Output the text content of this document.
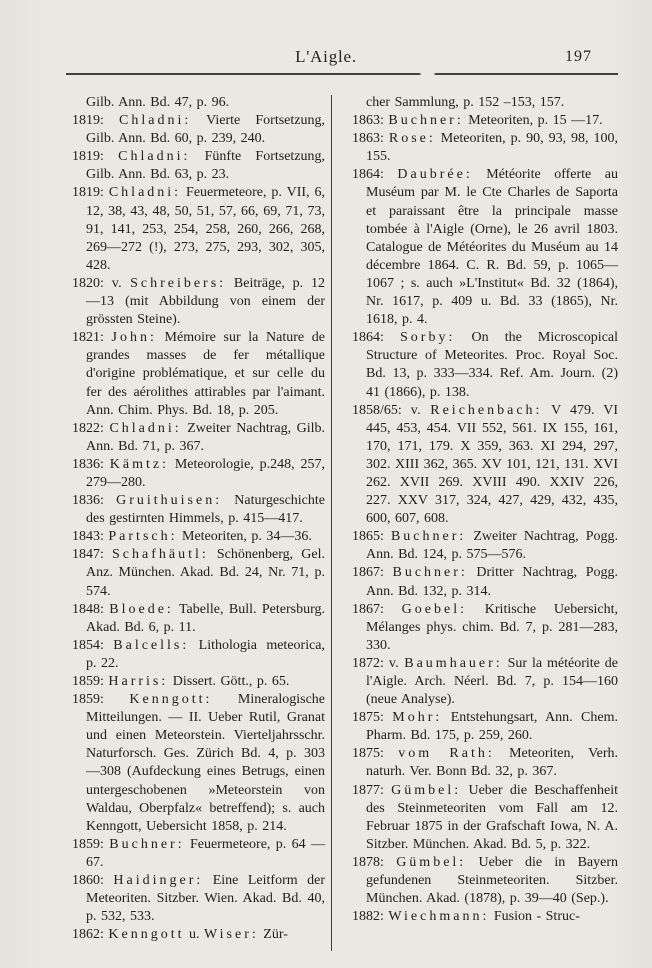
L'Aigle.	197

Gilb. Ann. Bd. 47, p. 96.

1819: Chladni: Vierte Fortsetzung, Gilb. Ann. Bd. 60, p. 239, 240.

1819: Chladni: Fünfte Fortsetzung, Gilb. Ann. Bd. 63, p. 23.

1819: Chladni: Feuermeteore, p. VII, 6, 12, 38, 43, 48, 50, 51, 57, 66, 69, 71, 73, 91, 141, 253, 254, 258, 260, 266, 268, 269—272 (!), 273, 275, 293, 302, 305, 428.

1820: v. Schreibers: Beiträge, p. 12 —13 (mit Abbildung von einem der grössten Steine).

1821: John: Mémoire sur la Nature de grandes masses de fer métallique d'origine problématique, et sur celle du fer des aérolithes attirables par l'aimant. Ann. Chim. Phys. Bd. 18, p. 205.

1822: Chladni: Zweiter Nachtrag, Gilb. Ann. Bd. 71, p. 367.

1836: Kämtz: Meteorologie, p.248, 257, 279—280.

1836: Gruithuisen: Naturgeschichte des gestirnten Himmels, p. 415—417.

1843: Partsch: Meteoriten, p. 34—36.

1847: Schafhäutl: Schönenberg, Gel. Anz. München. Akad. Bd. 24, Nr. 71, p. 574.

1848: Bloede: Tabelle, Bull. Petersburg. Akad. Bd. 6, p. 11.

1854: Balcells: Lithologia meteorica, p. 22.

1859: Harris: Dissert. Gött., p. 65.

1859: Kenngott: Mineralogische Mitteilungen. — II. Ueber Rutil, Granat und einen Meteorstein. Vierteljahrsschr. Naturforsch. Ges. Zürich Bd. 4, p. 303 —308 (Aufdeckung eines Betrugs, einen untergeschobenen »Meteorstein von Waldau, Oberpfalz« betreffend); s. auch Kenngott, Uebersicht 1858, p. 214.

1859: Buchner: Feuermeteore, p. 64 —67.

1860: Haidinger: Eine Leitform der Meteoriten. Sitzber. Wien. Akad. Bd. 40, p. 532, 533.

1862: Kenngott u. Wiser: Zür-

cher Sammlung, p. 152 –153, 157.

1863: Buchner: Meteoriten, p. 15 —17.

1863: Rose: Meteoriten, p. 90, 93, 98, 100, 155.

1864: Daubrée: Météorite offerte au Muséum par M. le Cte Charles de Saporta et paraissant être la principale masse tombée à l'Aigle (Orne), le 26 avril 1803. Catalogue de Météorites du Muséum au 14 décembre 1864. C. R. Bd. 59, p. 1065—1067 ; s. auch »L'Institut« Bd. 32 (1864), Nr. 1617, p. 409 u. Bd. 33 (1865), Nr. 1618, p. 4.

1864: Sorby: On the Microscopical Structure of Meteorites. Proc. Royal Soc. Bd. 13, p. 333—334. Ref. Am. Journ. (2) 41 (1866), p. 138.

1858/65: v. Reichenbach: V 479. VI 445, 453, 454. VII 552, 561. IX 155, 161, 170, 171, 179. X 359, 363. XI 294, 297, 302. XIII 362, 365. XV 101, 121, 131. XVI 262. XVII 269. XVIII 490. XXIV 226, 227. XXV 317, 324, 427, 429, 432, 435, 600, 607, 608.

1865: Buchner: Zweiter Nachtrag, Pogg. Ann. Bd. 124, p. 575—576.

1867: Buchner: Dritter Nachtrag, Pogg. Ann. Bd. 132, p. 314.

1867: Goebel: Kritische Uebersicht, Mélanges phys. chim. Bd. 7, p. 281—283, 330.

1872: v. Baumhauer: Sur la météorite de l'Aigle. Arch. Néerl. Bd. 7, p. 154—160 (neue Analyse).

1875: Mohr: Entstehungsart, Ann. Chem. Pharm. Bd. 175, p. 259, 260.

1875: vom Rath: Meteoriten, Verh. naturh. Ver. Bonn Bd. 32, p. 367.

1877: Gümbel: Ueber die Beschaffenheit des Steinmeteoriten vom Fall am 12. Februar 1875 in der Grafschaft Iowa, N. A. Sitzber. München. Akad. Bd. 5, p. 322.

1878: Gümbel: Ueber die in Bayern gefundenen Steinmeteoriten. Sitzber. München. Akad. (1878), p. 39—40 (Sep.).

1882: Wiechmann: Fusion - Struc-
